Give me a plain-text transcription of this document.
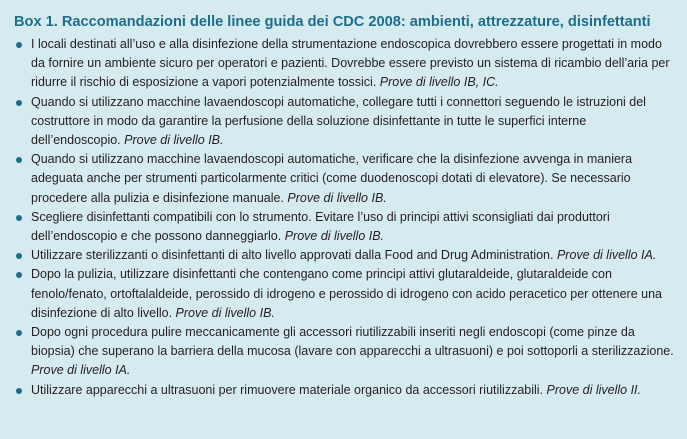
Box 1. Raccomandazioni delle linee guida dei CDC 2008: ambienti, attrezzature, disinfettanti
I locali destinati all’uso e alla disinfezione della strumentazione endoscopica dovrebbero essere progettati in modo da fornire un ambiente sicuro per operatori e pazienti. Dovrebbe essere previsto un sistema di ricambio dell’aria per ridurre il rischio di esposizione a vapori potenzialmente tossici. Prove di livello IB, IC.
Quando si utilizzano macchine lavaendoscopi automatiche, collegare tutti i connettori seguendo le istruzioni del costruttore in modo da garantire la perfusione della soluzione disinfettante in tutte le superfici interne dell’endoscopio. Prove di livello IB.
Quando si utilizzano macchine lavaendoscopi automatiche, verificare che la disinfezione avvenga in maniera adeguata anche per strumenti particolarmente critici (come duodenoscopi dotati di elevatore). Se necessario procedere alla pulizia e disinfezione manuale. Prove di livello IB.
Scegliere disinfettanti compatibili con lo strumento. Evitare l’uso di principi attivi sconsigliati dai produttori dell’endoscopio e che possono danneggiarlo. Prove di livello IB.
Utilizzare sterilizzanti o disinfettanti di alto livello approvati dalla Food and Drug Administration. Prove di livello IA.
Dopo la pulizia, utilizzare disinfettanti che contengano come principi attivi glutaraldeide, glutaraldeide con fenolo/fenato, ortoftalaldeide, perossido di idrogeno e perossido di idrogeno con acido peracetico per ottenere una disinfezione di alto livello. Prove di livello IB.
Dopo ogni procedura pulire meccanicamente gli accessori riutilizzabili inseriti negli endoscopi (come pinze da biopsia) che superano la barriera della mucosa (lavare con apparecchi a ultrasuoni) e poi sottoporli a sterilizzazione. Prove di livello IA.
Utilizzare apparecchi a ultrasuoni per rimuovere materiale organico da accessori riutilizzabili. Prove di livello II.
